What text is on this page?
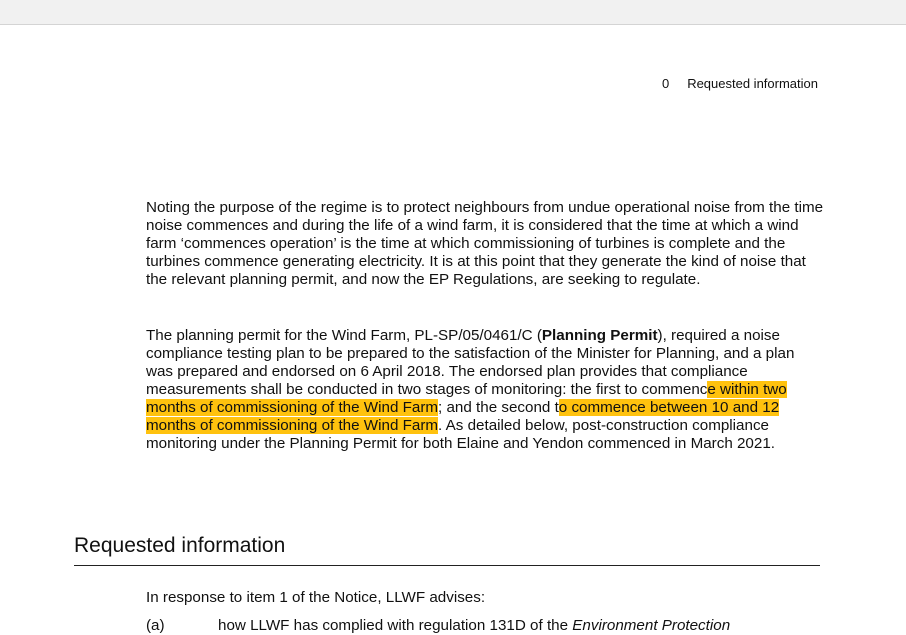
0 Requested information

Noting the purpose of the regime is to protect neighbours from undue operational noise from the time noise commences and during the life of a wind farm, it is considered that the time at which a wind farm ‘commences operation’ is the time at which commissioning of turbines is complete and the turbines commence generating electricity. It is at this point that they generate the kind of noise that the relevant planning permit, and now the EP Regulations, are seeking to regulate.

The planning permit for the Wind Farm, PL-SP/05/0461/C (Planning Permit), required a noise compliance testing plan to be prepared to the satisfaction of the Minister for Planning, and a plan was prepared and endorsed on 6 April 2018. The endorsed plan provides that compliance measurements shall be conducted in two stages of monitoring: the first to commence within two months of commissioning of the Wind Farm; and the second to commence between 10 and 12 months of commissioning of the Wind Farm. As detailed below, post-construction compliance monitoring under the Planning Permit for both Elaine and Yendon commenced in March 2021.

Requested information
In response to item 1 of the Notice, LLWF advises:
(a)	how LLWF has complied with regulation 131D of the Environment Protection
